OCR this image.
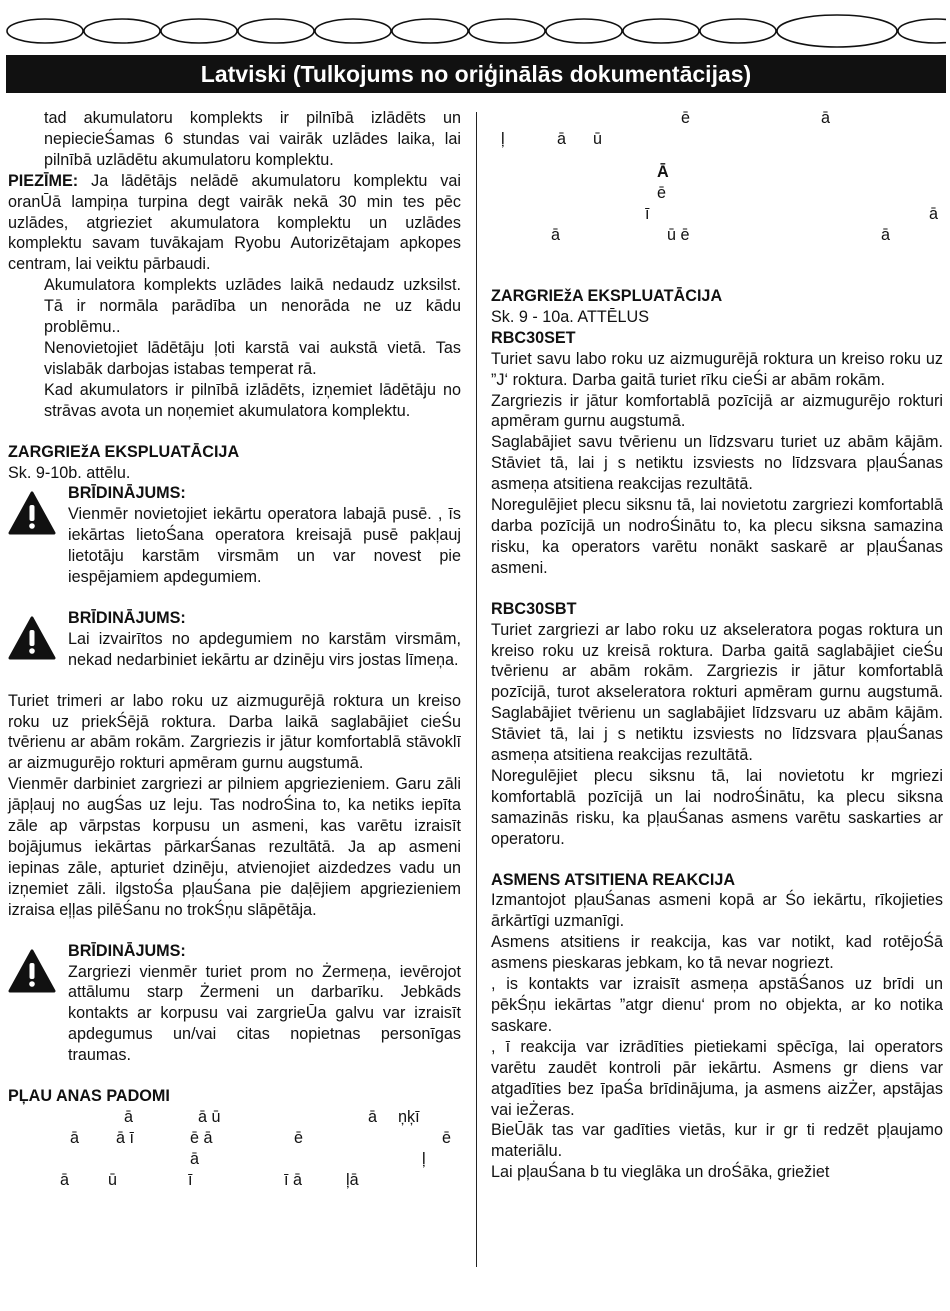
Latviski (Tulkojums no oriģinālās dokumentācijas)

tad akumulatoru komplekts ir pilnībā izlādēts un nepiecieŚamas 6 stundas vai vairāk uzlādes laika, lai pilnībā uzlādētu akumulatoru komplektu.

PIEZĪME: Ja lādētājs nelādē akumulatoru komplektu vai oranŪā lampiņa turpina degt vairāk nekā 30 min tes pēc uzlādes, atgrieziet akumulatora komplektu un uzlādes komplektu savam tuvākajam Ryobu Autorizētajam apkopes centram, lai veiktu pārbaudi.

Akumulatora komplekts uzlādes laikā nedaudz uzksilst. Tā ir normāla parādība un nenorāda ne uz kādu problēmu..

Nenovietojiet lādētāju ļoti karstā vai aukstā vietā. Tas vislabāk darbojas istabas temperat rā.

Kad akumulators ir pilnībā izlādēts, izņemiet lādētāju no strāvas avota un noņemiet akumulatora komplektu.

ZARGRIEžA EKSPLUATĀCIJA

Sk. 9-10b. attēlu.

BRĪDINĀJUMS:

Vienmēr novietojiet iekārtu operatora labajā pusē. , īs iekārtas lietoŚana operatora kreisajā pusē pakļauj lietotāju karstām virsmām un var novest pie iespējamiem apdegumiem.

BRĪDINĀJUMS:

Lai izvairītos no apdegumiem no karstām virsmām, nekad nedarbiniet iekārtu ar dzinēju virs jostas līmeņa.

Turiet trimeri ar labo roku uz aizmugurējā roktura un kreiso roku uz priekŚējā roktura. Darba laikā saglabājiet cieŚu tvērienu ar abām rokām. Zargriezis ir jātur komfortablā stāvoklī ar aizmugurējo rokturi apmēram gurnu augstumā.

Vienmēr darbiniet zargriezi ar pilniem apgriezieniem. Garu zāli jāpļauj no augŚas uz leju. Tas nodroŚina to, ka netiks iepīta zāle ap vārpstas korpusu un asmeni, kas varētu izraisīt bojājumus iekārtas pārkarŚanas rezultātā. Ja ap asmeni iepinas zāle, apturiet dzinēju, atvienojiet aizdedzes vadu un izņemiet zāli. ilgstoŚa pļauŚana pie daļējiem apgriezieniem izraisa eļļas pilēŚanu no trokŚņu slāpētāja.

BRĪDINĀJUMS:

Zargriezi vienmēr turiet prom no Żermeņa, ievērojot attālumu starp Żermeni un darbarīku. Jebkāds kontakts ar korpusu vai zargrieŪa galvu var izraisīt apdegumus un/vai citas nopietnas personīgas traumas.

PĻAU ANAS PADOMI

ā	ā ū	ā ņķī
ā ā ī	ē ā	ē	ē
ā	ļ
ā ū	ī	ī ā	ļā
ē	ā
ļ	ā ū
Ā
ē
ī	ā
ā	ū ē	ā

ZARGRIEžA EKSPLUATĀCIJA

Sk. 9 - 10a. ATTĒLUS

RBC30SET

Turiet savu labo roku uz aizmugurējā roktura un kreiso roku uz ”J‘ roktura. Darba gaitā turiet rīku cieŚi ar abām rokām.

Zargriezis ir jātur komfortablā pozīcijā ar aizmugurējo rokturi apmēram gurnu augstumā.

Saglabājiet savu tvērienu un līdzsvaru turiet uz abām kājām. Stāviet tā, lai j s netiktu izsviests no līdzsvara pļauŚanas asmeņa atsitiena reakcijas rezultātā.

Noregulējiet plecu siksnu tā, lai novietotu zargriezi komfortablā darba pozīcijā un nodroŚinātu to, ka plecu siksna samazina risku, ka operators varētu nonākt saskarē ar pļauŚanas asmeni.

RBC30SBT

Turiet zargriezi ar labo roku uz akseleratora pogas roktura un kreiso roku uz kreisā roktura. Darba gaitā saglabājiet cieŚu tvērienu ar abām rokām. Zargriezis ir jātur komfortablā pozīcijā, turot akseleratora rokturi apmēram gurnu augstumā. Saglabājiet tvērienu un saglabājiet līdzsvaru uz abām kājām. Stāviet tā, lai j s netiktu izsviests no līdzsvara pļauŚanas asmeņa atsitiena reakcijas rezultātā.

Noregulējiet plecu siksnu tā, lai novietotu kr mgriezi komfortablā pozīcijā un lai nodroŚinātu, ka plecu siksna samazinās risku, ka pļauŚanas asmens varētu saskarties ar operatoru.

ASMENS ATSITIENA REAKCIJA

Izmantojot pļauŚanas asmeni kopā ar Śo iekārtu, rīkojieties ārkārtīgi uzmanīgi.

Asmens atsitiens ir reakcija, kas var notikt, kad rotējoŚā asmens pieskaras jebkam, ko tā nevar nogriezt.

, is kontakts var izraisīt asmeņa apstāŚanos uz brīdi un pēkŚņu iekārtas ”atgr dienu‘ prom no objekta, ar ko notika saskare.

, ī reakcija var izrādīties pietiekami spēcīga, lai operators varētu zaudēt kontroli pār iekārtu. Asmens gr diens var atgadīties bez īpaŚa brīdinājuma, ja asmens aizŻer, apstājas vai ieŻeras.

BieŪāk tas var gadīties vietās, kur ir gr ti redzēt pļaujamo materiālu.

Lai pļauŚana b tu vieglāka un droŚāka, griežiet
